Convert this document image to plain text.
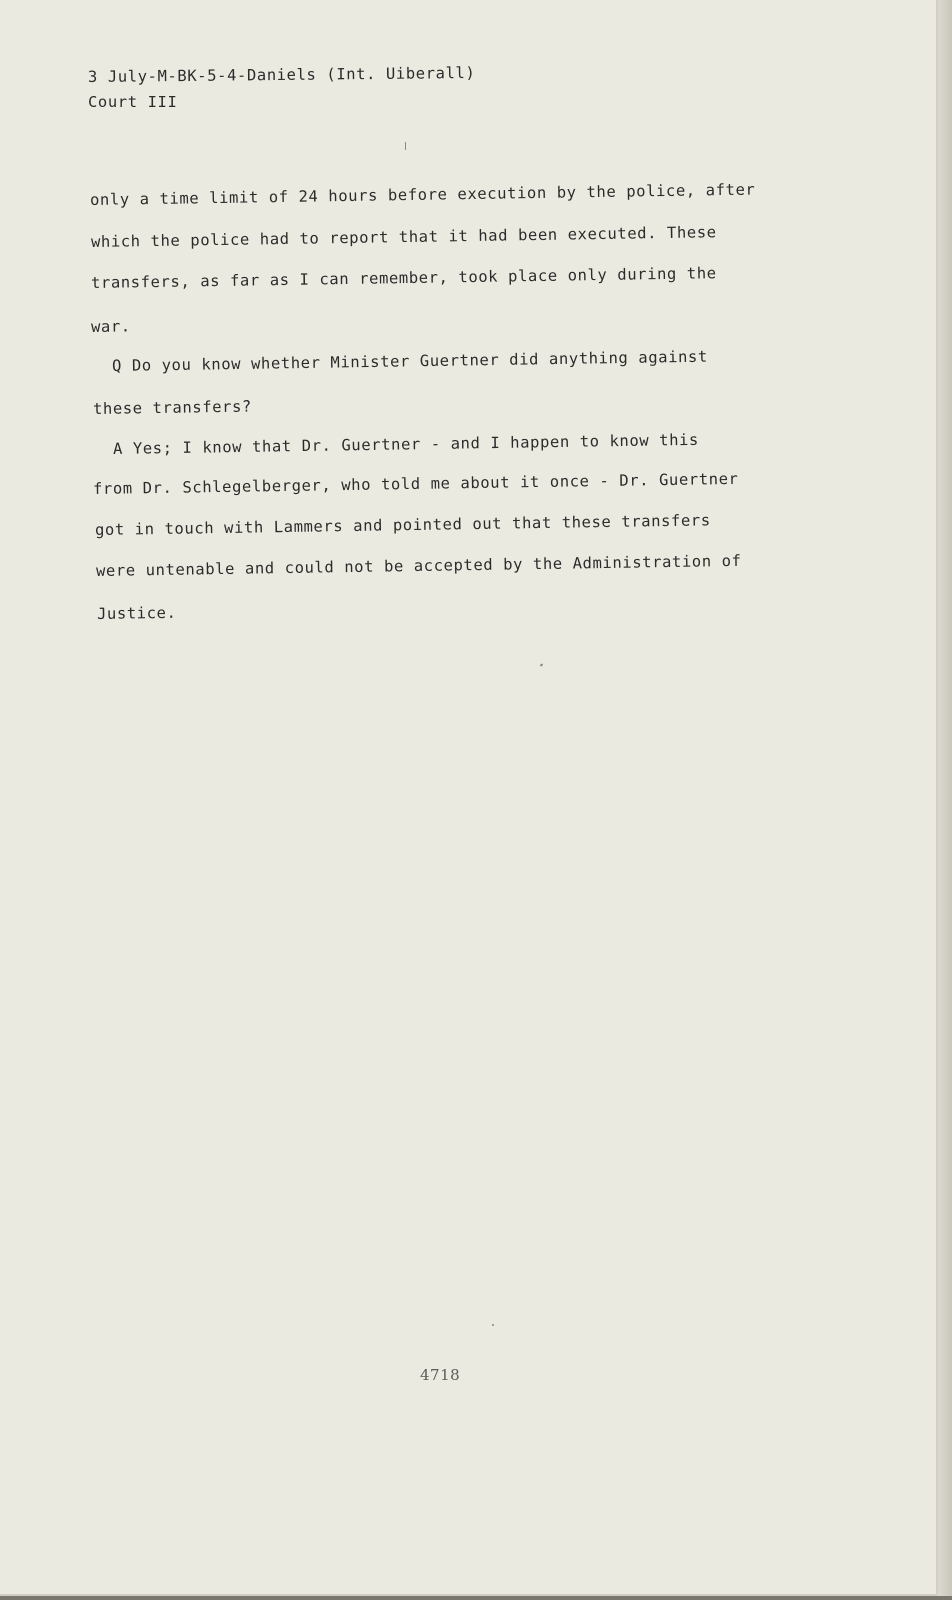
3 July-M-BK-5-4-Daniels (Int. Uiberall)
Court III
only a time limit of 24 hours before execution by the police, after
which the police had to report that it had been executed. These
transfers, as far as I can remember, took place only during the
war.
Q Do you know whether Minister Guertner did anything against
these transfers?
A Yes; I know that Dr. Guertner - and I happen to know this
from Dr. Schlegelberger, who told me about it once - Dr. Guertner
got in touch with Lammers and pointed out that these transfers
were untenable and could not be accepted by the Administration of
Justice.
4718
